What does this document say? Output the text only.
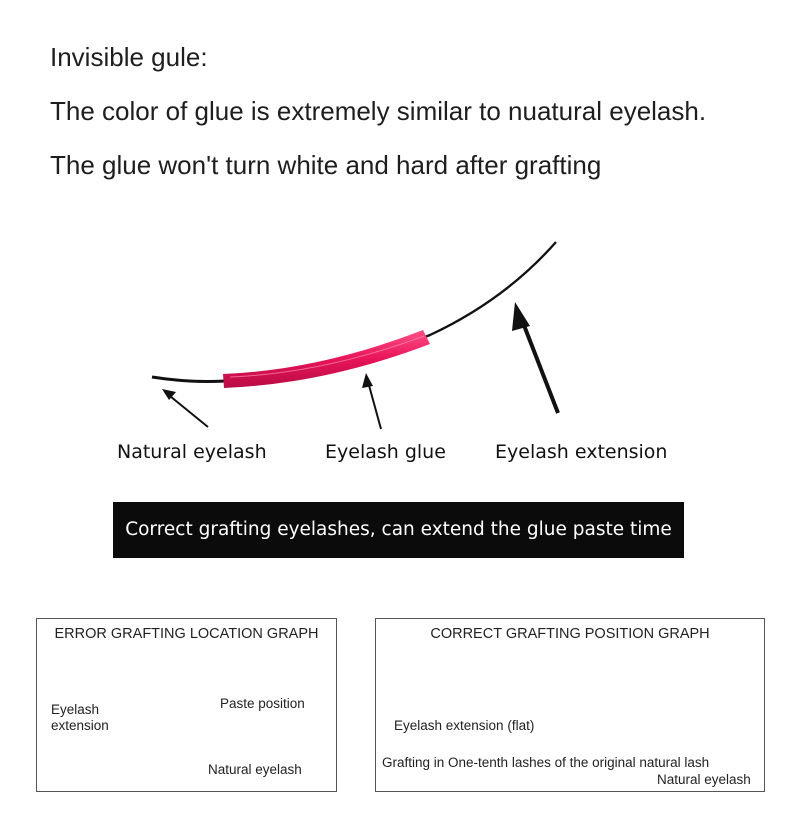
Invisible gule:
The color of glue is extremely similar to nuatural eyelash.
The glue won't turn white and hard after grafting
Natural eyelash	Eyelash glue	Eyelash extension
Correct grafting eyelashes, can extend the glue paste time
ERROR GRAFTING LOCATION GRAPH
Eyelash
extension
Paste position
Natural eyelash
CORRECT GRAFTING POSITION GRAPH
Eyelash extension (flat)
Grafting in One-tenth lashes of the original natural lash
Natural eyelash
